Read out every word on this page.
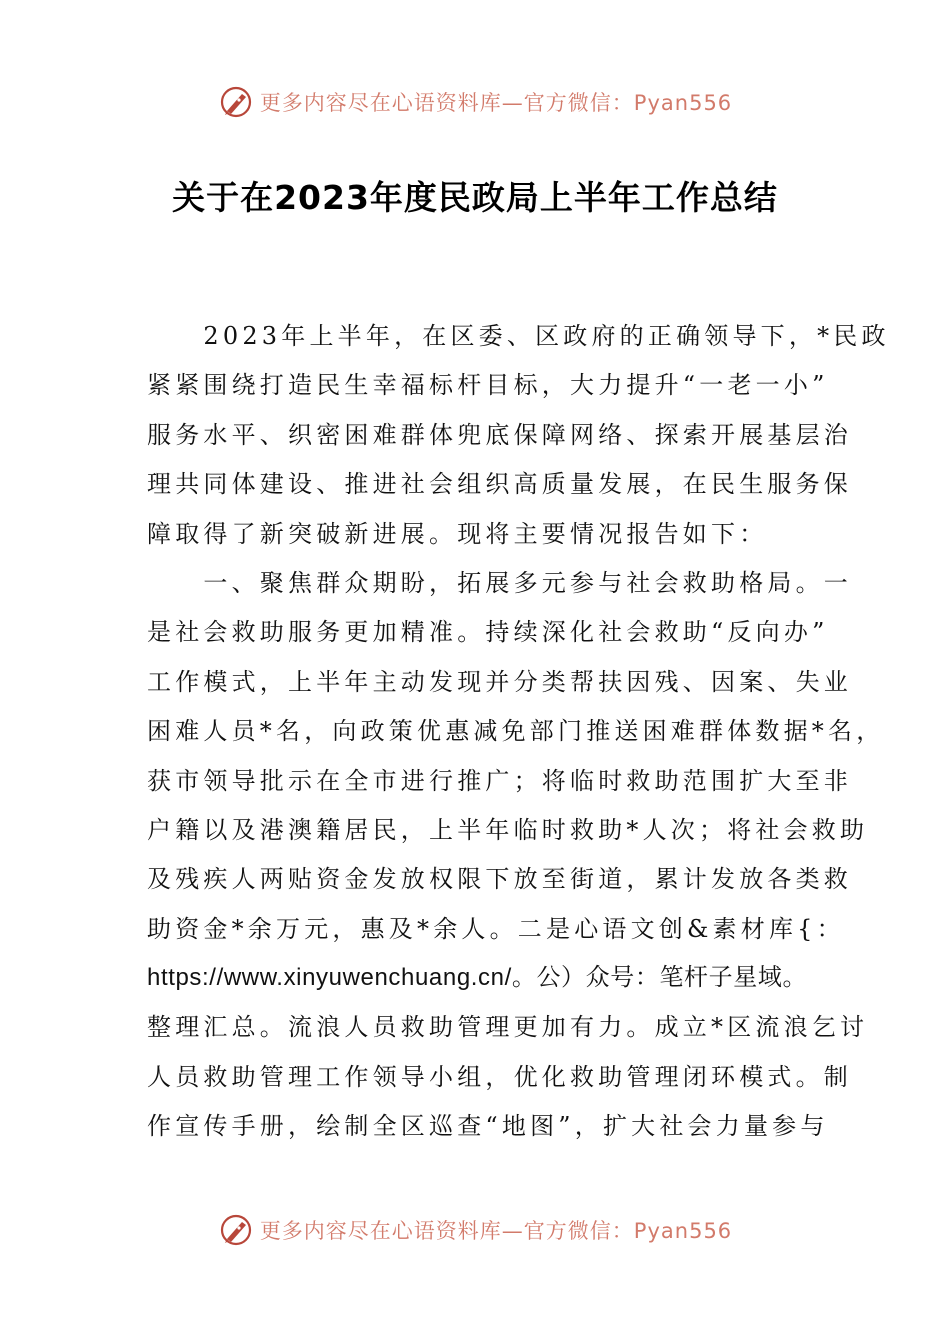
更多内容尽在心语资料库—官方微信：Pyan556
关于在2023年度民政局上半年工作总结
　　2023年上半年，在区委、区政府的正确领导下，*民政
紧紧围绕打造民生幸福标杆目标，大力提升“一老一小”
服务水平、织密困难群体兜底保障网络、探索开展基层治
理共同体建设、推进社会组织高质量发展，在民生服务保
障取得了新突破新进展。现将主要情况报告如下：
　　一、聚焦群众期盼，拓展多元参与社会救助格局。一
是社会救助服务更加精准。持续深化社会救助“反向办”
工作模式，上半年主动发现并分类帮扶因残、因案、失业
困难人员*名，向政策优惠减免部门推送困难群体数据*名，
获市领导批示在全市进行推广；将临时救助范围扩大至非
户籍以及港澳籍居民，上半年临时救助*人次；将社会救助
及残疾人两贴资金发放权限下放至街道，累计发放各类救
助资金*余万元，惠及*余人。二是心语文创&素材库{：
https://www.xinyuwenchuang.cn/。公）众号：笔杆子星域。
整理汇总。流浪人员救助管理更加有力。成立*区流浪乞讨
人员救助管理工作领导小组，优化救助管理闭环模式。制
作宣传手册，绘制全区巡查“地图”，扩大社会力量参与
更多内容尽在心语资料库—官方微信：Pyan556
